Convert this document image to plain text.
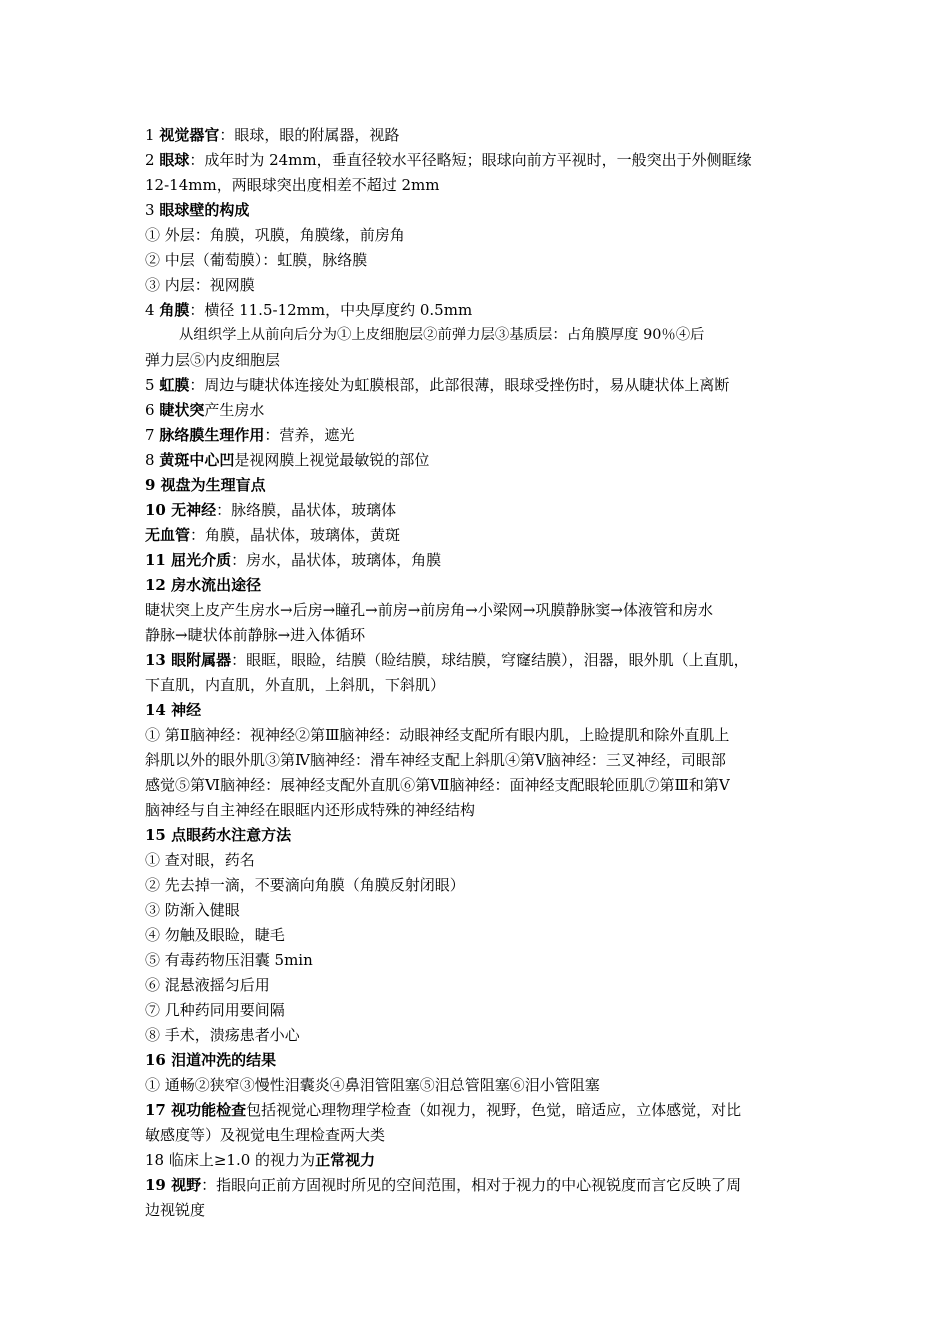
1 视觉器官：眼球，眼的附属器，视路
2 眼球：成年时为 24mm，垂直径较水平径略短；眼球向前方平视时，一般突出于外侧眶缘
12-14mm，两眼球突出度相差不超过 2mm
3 眼球壁的构成
① 外层：角膜，巩膜，角膜缘，前房角
② 中层（葡萄膜）：虹膜，脉络膜
③ 内层：视网膜
4 角膜：横径 11.5-12mm，中央厚度约 0.5mm
从组织学上从前向后分为①上皮细胞层②前弹力层③基质层：占角膜厚度 90％④后
弹力层⑤内皮细胞层
5 虹膜：周边与睫状体连接处为虹膜根部，此部很薄，眼球受挫伤时，易从睫状体上离断
6 睫状突产生房水
7 脉络膜生理作用：营养，遮光
8 黄斑中心凹是视网膜上视觉最敏锐的部位
9 视盘为生理盲点
10 无神经：脉络膜，晶状体，玻璃体
无血管：角膜，晶状体，玻璃体，黄斑
11 屈光介质：房水，晶状体，玻璃体，角膜
12 房水流出途径
睫状突上皮产生房水→后房→瞳孔→前房→前房角→小梁网→巩膜静脉窦→体液管和房水
静脉→睫状体前静脉→进入体循环
13 眼附属器：眼眶，眼睑，结膜（睑结膜，球结膜，穹窿结膜），泪器，眼外肌（上直肌，
下直肌，内直肌，外直肌，上斜肌，下斜肌）
14 神经
① 第Ⅱ脑神经：视神经②第Ⅲ脑神经：动眼神经支配所有眼内肌，上睑提肌和除外直肌上
斜肌以外的眼外肌③第Ⅳ脑神经：滑车神经支配上斜肌④第Ⅴ脑神经：三叉神经，司眼部
感觉⑤第Ⅵ脑神经：展神经支配外直肌⑥第Ⅶ脑神经：面神经支配眼轮匝肌⑦第Ⅲ和第Ⅴ
脑神经与自主神经在眼眶内还形成特殊的神经结构
15 点眼药水注意方法
① 查对眼，药名
② 先去掉一滴，不要滴向角膜（角膜反射闭眼）
③ 防渐入健眼
④ 勿触及眼睑，睫毛
⑤ 有毒药物压泪囊 5min
⑥ 混悬液摇匀后用
⑦ 几种药同用要间隔
⑧ 手术，溃疡患者小心
16 泪道冲洗的结果
① 通畅②狭窄③慢性泪囊炎④鼻泪管阻塞⑤泪总管阻塞⑥泪小管阻塞
17 视功能检查包括视觉心理物理学检查（如视力，视野，色觉，暗适应，立体感觉，对比
敏感度等）及视觉电生理检查两大类
18 临床上≥1.0 的视力为正常视力
19 视野：指眼向正前方固视时所见的空间范围，相对于视力的中心视锐度而言它反映了周
边视锐度
